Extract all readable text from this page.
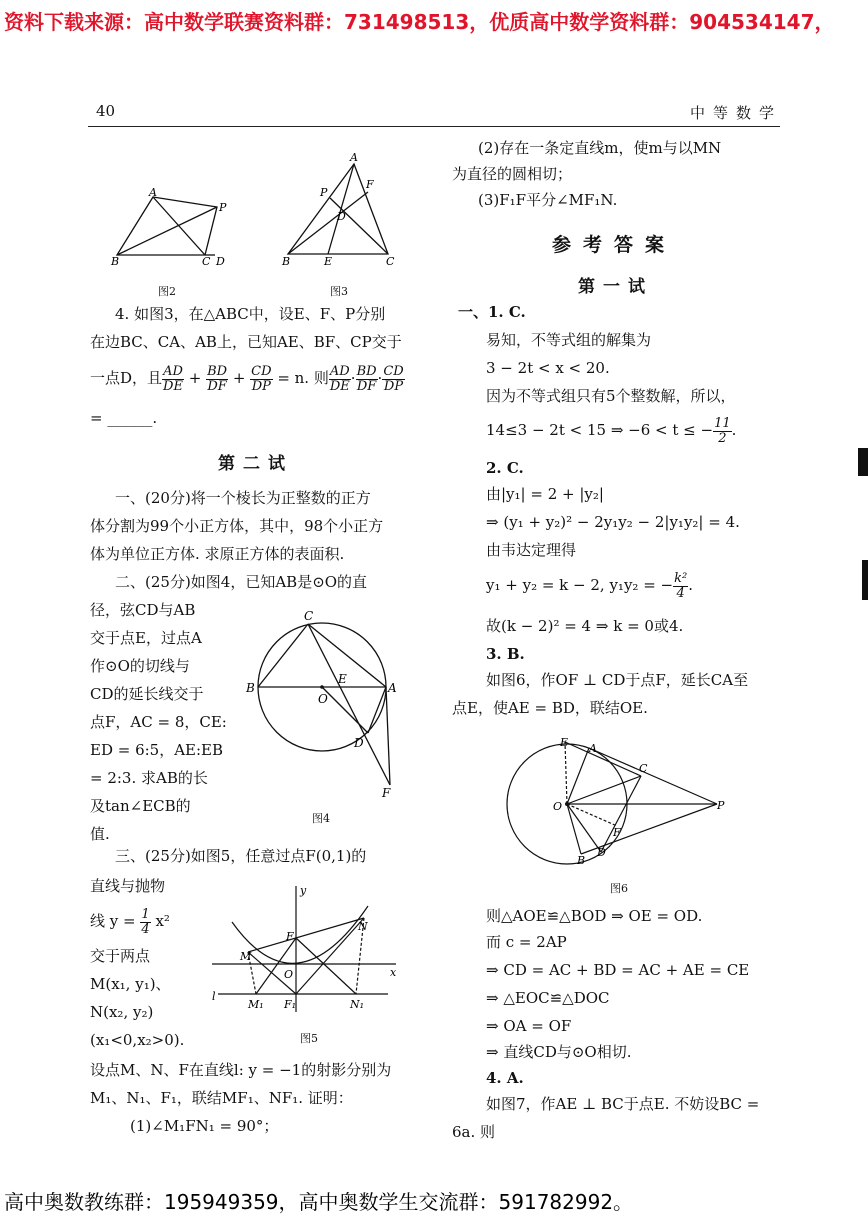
资料下载来源：高中数学联赛资料群：731498513，优质高中数学资料群：904534147，
40	中等数学
A
P
B	C D
图2
A
P
F
D
B	E	C
图3
4. 如图3，在△ABC中，设E、F、P分别
在边BC、CA、AB上，已知AE、BF、CP交于
一点D，且 $\frac{AD}{DE} + \frac{BD}{DF} + \frac{CD}{DP} = n$. 则 $\frac{AD}{DE} \cdot \frac{BD}{DF} \cdot \frac{CD}{DP}$
= ______.
第二试
一、(20分)将一个棱长为正整数的正方
体分割为99个小正方体，其中，98个小正方
体为单位正方体. 求原正方体的表面积.
二、(25分)如图4，已知AB是⊙O的直
径，弦CD与AB
交于点E，过点A
作⊙O的切线与
CD的延长线交于
点F，AC = 8，CE:
ED = 6:5，AE:EB
= 2:3. 求AB的长
及tan∠ECB的
值.
C
B
O
E
A
D
F
图4
三、(25分)如图5，任意过点F(0,1)的
直线与抛物
线 $y = \frac{1}{4} x^2$
交于两点
M(x₁, y₁)、
N(x₂, y₂)
(x₁<0,x₂>0).
y
N
F
M
O	x
l
M₁ F₁	N₁
图5
设点M、N、F在直线l: y = −1的射影分别为
M₁、N₁、F₁，联结MF₁、NF₁. 证明：
(1)∠M₁FN₁ = 90°；
(2)存在一条定直线m，使m与以MN
为直径的圆相切；
(3)F₁F平分∠MF₁N.
参考答案
第一试
一、1. C.
易知，不等式组的解集为
3 − 2t < x < 20.
因为不等式组只有5个整数解，所以，
14≤3 − 2t < 15 ⇒ −6 < t ≤ − $\frac{11}{2}$ .
2. C.
由|y₁| = 2 + |y₂|
⇒ (y₁ + y₂)² − 2y₁y₂ − 2|y₁y₂| = 4.
由韦达定理得
y₁ + y₂ = k − 2, y₁y₂ = − $\frac{\text{k²}}{4}$ .
故(k − 2)² = 4 ⇒ k = 0或4.
3. B.
如图6，作OF ⊥ CD于点F，延长CA至
点E，使AE = BD，联结OE.
E A
C
O	P
F
B
D
图6
则△AOE≌△BOD ⇒ OE = OD.
而 c = 2AP
⇒ CD = AC + BD = AC + AE = CE
⇒ △EOC≌△DOC
⇒ OA = OF
⇒ 直线CD与⊙O相切.
4. A.
如图7，作AE ⊥ BC于点E. 不妨设BC =
6a. 则
高中奥数教练群：195949359，高中奥数学生交流群：591782992。
